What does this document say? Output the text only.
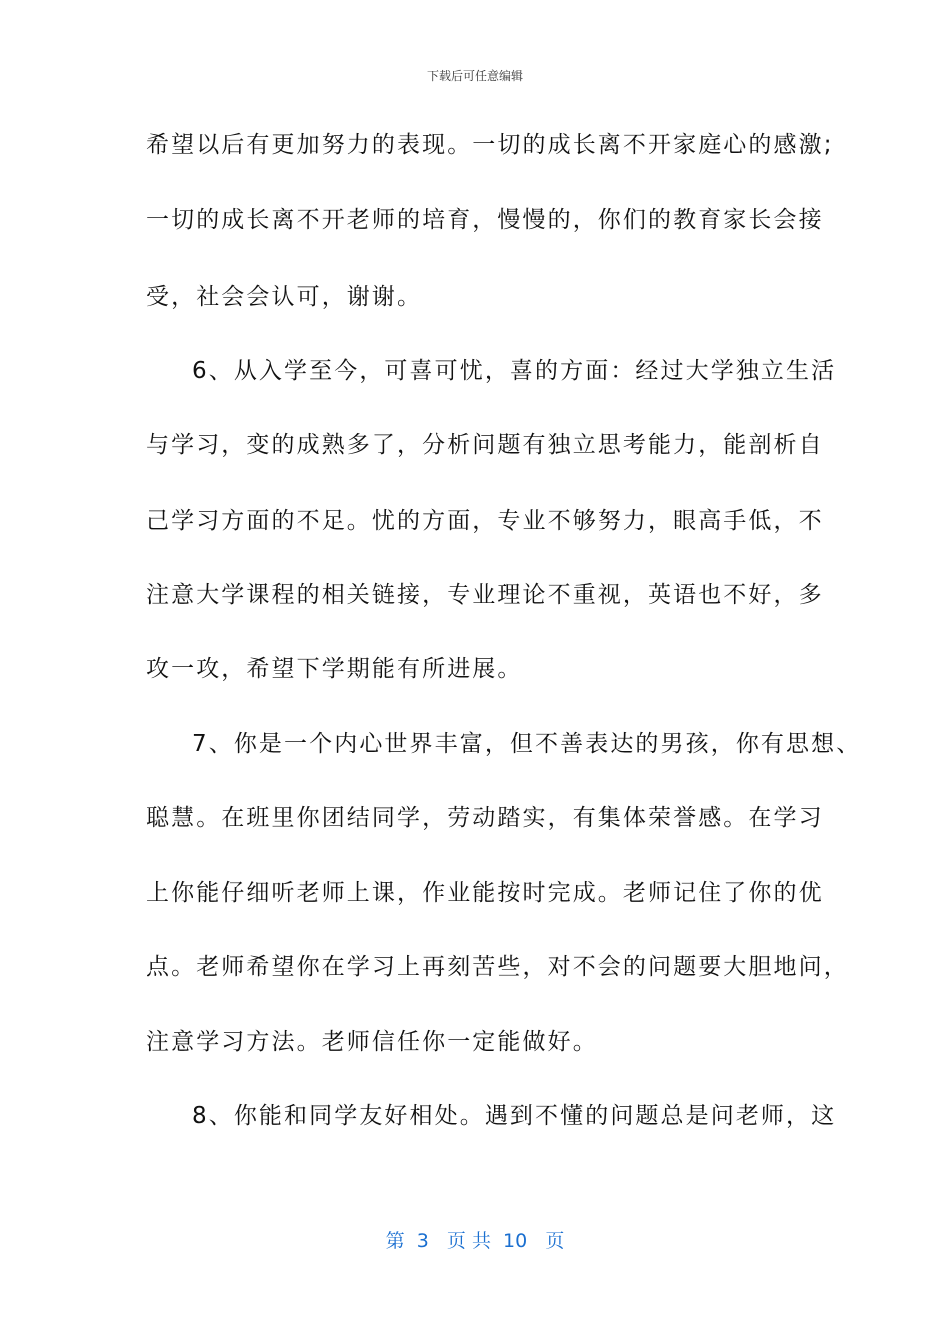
下载后可任意编辑
希望以后有更加努力的表现。一切的成长离不开家庭心的感激;
一切的成长离不开老师的培育，慢慢的，你们的教育家长会接
受，社会会认可，谢谢。
6、从入学至今，可喜可忧，喜的方面：经过大学独立生活
与学习，变的成熟多了，分析问题有独立思考能力，能剖析自
己学习方面的不足。忧的方面，专业不够努力，眼高手低，不
注意大学课程的相关链接，专业理论不重视，英语也不好，多
攻一攻，希望下学期能有所进展。
7、你是一个内心世界丰富，但不善表达的男孩，你有思想、
聪慧。在班里你团结同学，劳动踏实，有集体荣誉感。在学习
上你能仔细听老师上课，作业能按时完成。老师记住了你的优
点。老师希望你在学习上再刻苦些，对不会的问题要大胆地问，
注意学习方法。老师信任你一定能做好。
8、你能和同学友好相处。遇到不懂的问题总是问老师，这
第  3   页 共  10   页
